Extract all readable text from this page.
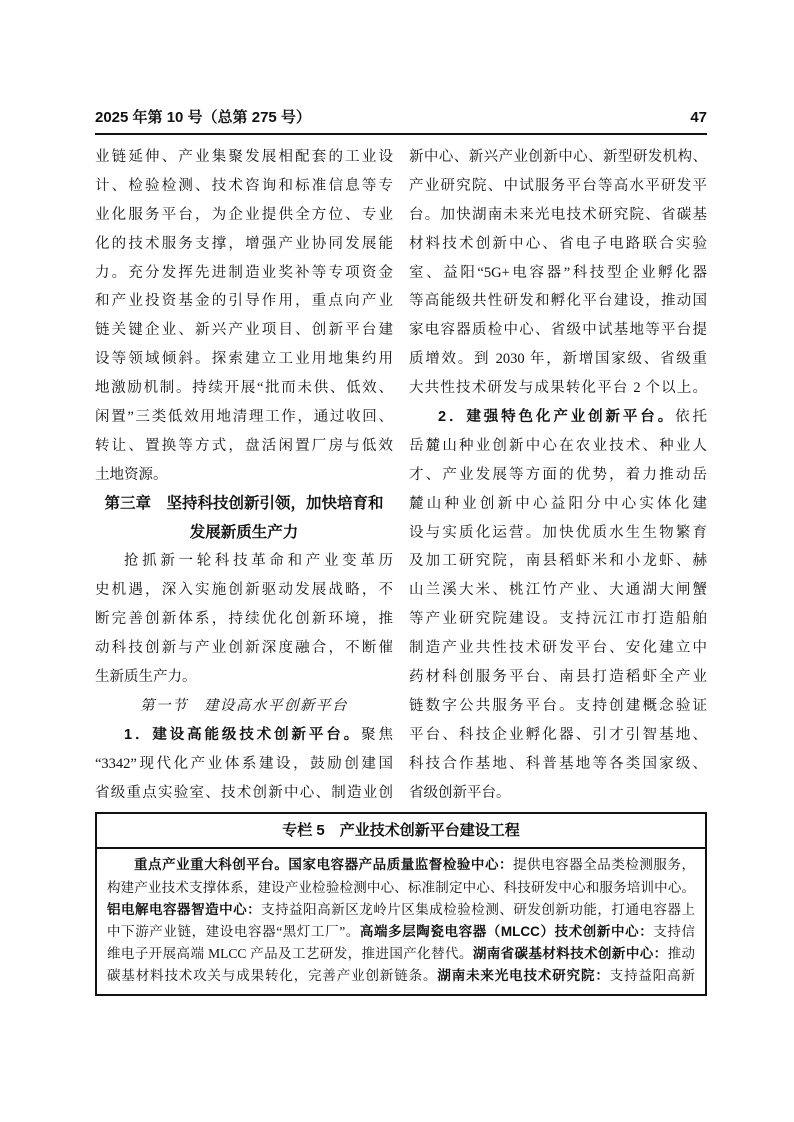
2025 年第 10 号（总第 275 号）	47
业链延伸、产业集聚发展相配套的工业设
计、检验检测、技术咨询和标准信息等专
业化服务平台，为企业提供全方位、专业
化的技术服务支撑，增强产业协同发展能
力。充分发挥先进制造业奖补等专项资金
和产业投资基金的引导作用，重点向产业
链关键企业、新兴产业项目、创新平台建
设等领域倾斜。探索建立工业用地集约用
地激励机制。持续开展“批而未供、低效、
闲置”三类低效用地清理工作，通过收回、
转让、置换等方式，盘活闲置厂房与低效
土地资源。
第三章　坚持科技创新引领，加快培育和
发展新质生产力
抢抓新一轮科技革命和产业变革历
史机遇，深入实施创新驱动发展战略，不
断完善创新体系，持续优化创新环境，推
动科技创新与产业创新深度融合，不断催
生新质生产力。
第一节　建设高水平创新平台
1．建设高能级技术创新平台。聚焦
“3342”现代化产业体系建设，鼓励创建国
省级重点实验室、技术创新中心、制造业创
新中心、新兴产业创新中心、新型研发机构、
产业研究院、中试服务平台等高水平研发平
台。加快湖南未来光电技术研究院、省碳基
材料技术创新中心、省电子电路联合实验
室、益阳“5G+电容器”科技型企业孵化器
等高能级共性研发和孵化平台建设，推动国
家电容器质检中心、省级中试基地等平台提
质增效。到 2030 年，新增国家级、省级重
大共性技术研发与成果转化平台 2 个以上。
2．建强特色化产业创新平台。依托
岳麓山种业创新中心在农业技术、种业人
才、产业发展等方面的优势，着力推动岳
麓山种业创新中心益阳分中心实体化建
设与实质化运营。加快优质水生生物繁育
及加工研究院，南县稻虾米和小龙虾、赫
山兰溪大米、桃江竹产业、大通湖大闸蟹
等产业研究院建设。支持沅江市打造船舶
制造产业共性技术研发平台、安化建立中
药材科创服务平台、南县打造稻虾全产业
链数字公共服务平台。支持创建概念验证
平台、科技企业孵化器、引才引智基地、
科技合作基地、科普基地等各类国家级、
省级创新平台。
专栏 5　产业技术创新平台建设工程
重点产业重大科创平台。国家电容器产品质量监督检验中心：提供电容器全品类检测服务，
构建产业技术支撑体系，建设产业检验检测中心、标准制定中心、科技研发中心和服务培训中心。
铝电解电容器智造中心：支持益阳高新区龙岭片区集成检验检测、研发创新功能，打通电容器上
中下游产业链，建设电容器“黑灯工厂”。高端多层陶瓷电容器（MLCC）技术创新中心：支持信
维电子开展高端 MLCC 产品及工艺研发，推进国产化替代。湖南省碳基材料技术创新中心：推动
碳基材料技术攻关与成果转化，完善产业创新链条。湖南未来光电技术研究院：支持益阳高新
